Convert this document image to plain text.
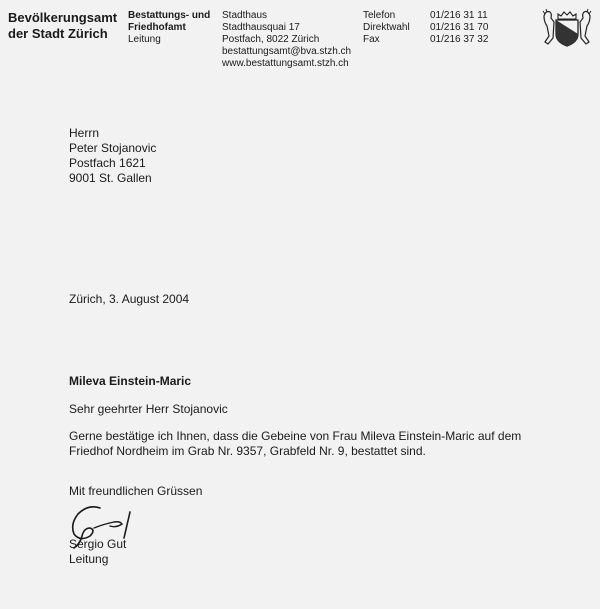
Bevölkerungsamt
der Stadt Zürich
Bestattungs- und
Friedhofamt
Leitung
Stadthaus
Stadthausquai 17
Postfach, 8022 Zürich
bestattungsamt@bva.stzh.ch
www.bestattungsamt.stzh.ch
Telefon
Direktwahl
Fax
01/216 31 11
01/216 31 70
01/216 37 32
Herrn
Peter Stojanovic
Postfach 1621
9001 St. Gallen
Zürich, 3. August 2004
Mileva Einstein-Maric
Sehr geehrter Herr Stojanovic
Gerne bestätige ich Ihnen, dass die Gebeine von Frau Mileva Einstein-Maric auf dem
Friedhof Nordheim im Grab Nr. 9357, Grabfeld Nr. 9, bestattet sind.
Mit freundlichen Grüssen
Sergio Gut
Leitung
